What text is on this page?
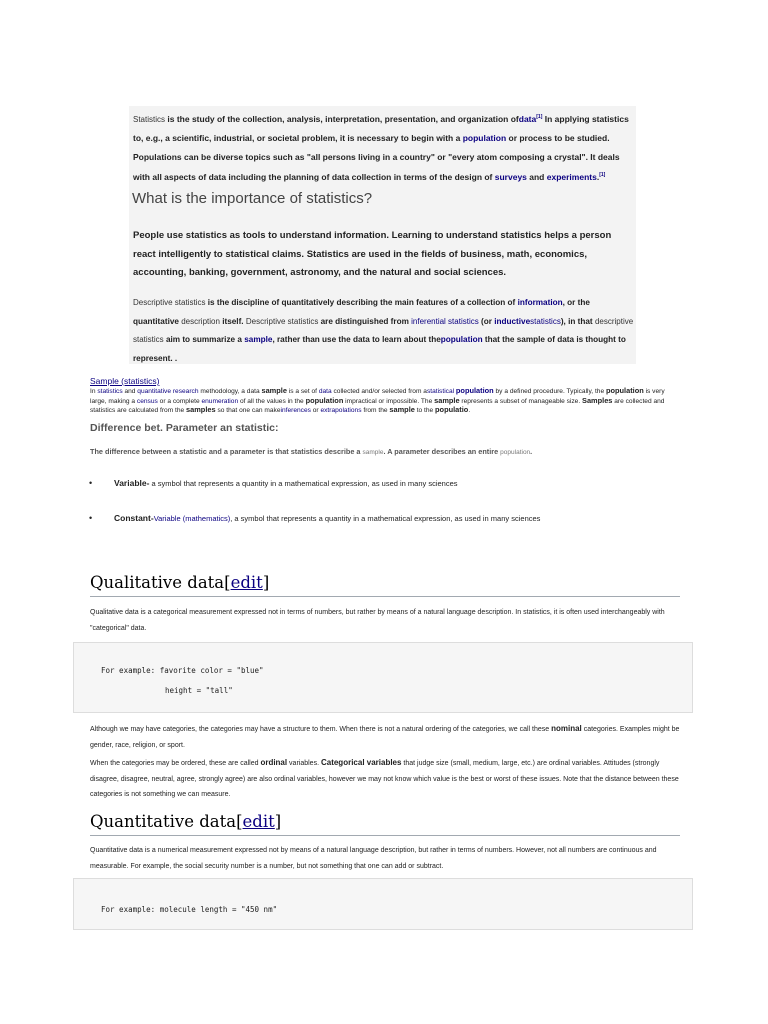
Statistics is the study of the collection, analysis, interpretation, presentation, and organization ofdata[1] In applying statistics to, e.g., a scientific, industrial, or societal problem, it is necessary to begin with a population or process to be studied. Populations can be diverse topics such as "all persons living in a country" or "every atom composing a crystal". It deals with all aspects of data including the planning of data collection in terms of the design of surveys and experiments.[1]

What is the importance of statistics?

People use statistics as tools to understand information. Learning to understand statistics helps a person react intelligently to statistical claims. Statistics are used in the fields of business, math, economics, accounting, banking, government, astronomy, and the natural and social sciences.

Descriptive statistics is the discipline of quantitatively describing the main features of a collection of information, or the quantitative description itself. Descriptive statistics are distinguished from inferential statistics (or inductivestatistics), in that descriptive statistics aim to summarize a sample, rather than use the data to learn about thepopulation that the sample of data is thought to represent. .

Sample (statistics)

In statistics and quantitative research methodology, a data sample is a set of data collected and/or selected from astatistical population by a defined procedure. Typically, the population is very large, making a census or a complete enumeration of all the values in the population impractical or impossible. The sample represents a subset of manageable size. Samples are collected and statistics are calculated from the samples so that one can makeinferences or extrapolations from the sample to the populatio.

Difference bet. Parameter an statistic:

The difference between a statistic and a parameter is that statistics describe a sample. A parameter describes an entire population.

•	Variable- a symbol that represents a quantity in a mathematical expression, as used in many sciences
•	Constant-Variable (mathematics), a symbol that represents a quantity in a mathematical expression, as used in many sciences
Qualitative data[edit]

Qualitative data is a categorical measurement expressed not in terms of numbers, but rather by means of a natural language description. In statistics, it is often used interchangeably with "categorical" data.

For example: favorite color = "blue"
height = "tall"

Although we may have categories, the categories may have a structure to them. When there is not a natural ordering of the categories, we call these nominal categories. Examples might be gender, race, religion, or sport.

When the categories may be ordered, these are called ordinal variables. Categorical variables that judge size (small, medium, large, etc.) are ordinal variables. Attitudes (strongly disagree, disagree, neutral, agree, strongly agree) are also ordinal variables, however we may not know which value is the best or worst of these issues. Note that the distance between these categories is not something we can measure.

Quantitative data[edit]

Quantitative data is a numerical measurement expressed not by means of a natural language description, but rather in terms of numbers. However, not all numbers are continuous and measurable. For example, the social security number is a number, but not something that one can add or subtract.

For example: molecule length = "450 nm"
